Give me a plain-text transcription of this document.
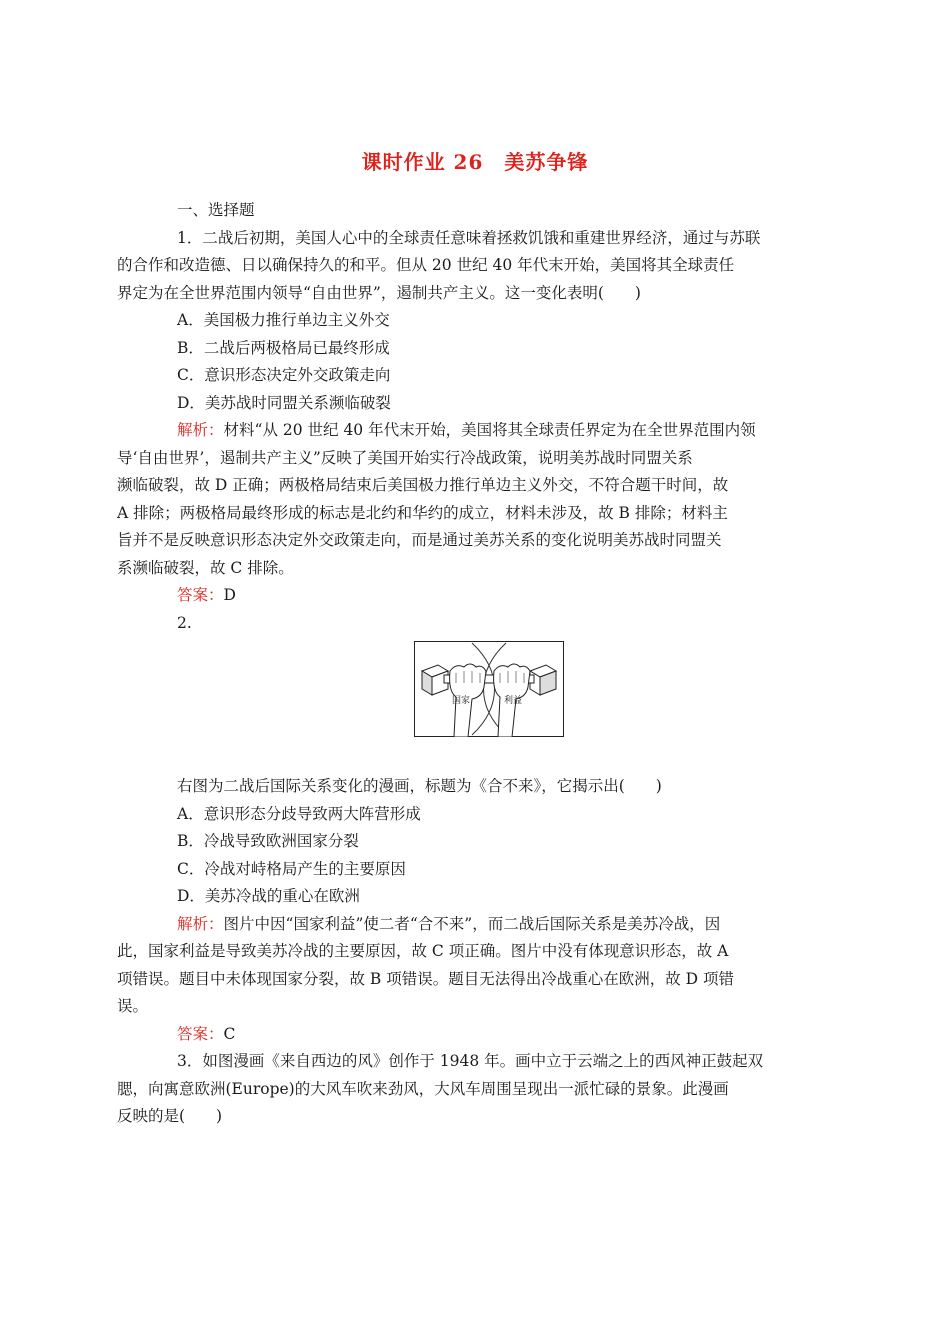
课时作业 26　美苏争锋
一、选择题
1．二战后初期，美国人心中的全球责任意味着拯救饥饿和重建世界经济，通过与苏联
的合作和改造德、日以确保持久的和平。但从 20 世纪 40 年代末开始，美国将其全球责任
界定为在全世界范围内领导“自由世界”，遏制共产主义。这一变化表明(　　)
A．美国极力推行单边主义外交
B．二战后两极格局已最终形成
C．意识形态决定外交政策走向
D．美苏战时同盟关系濒临破裂
解析：材料“从 20 世纪 40 年代末开始，美国将其全球责任界定为在全世界范围内领
导‘自由世界’，遏制共产主义”反映了美国开始实行冷战政策，说明美苏战时同盟关系
濒临破裂，故 D 正确；两极格局结束后美国极力推行单边主义外交，不符合题干时间，故
A 排除；两极格局最终形成的标志是北约和华约的成立，材料未涉及，故 B 排除；材料主
旨并不是反映意识形态决定外交政策走向，而是通过美苏关系的变化说明美苏战时同盟关
系濒临破裂，故 C 排除。
答案：D
2.
国家	利益
右图为二战后国际关系变化的漫画，标题为《合不来》，它揭示出(　　)
A．意识形态分歧导致两大阵营形成
B．冷战导致欧洲国家分裂
C．冷战对峙格局产生的主要原因
D．美苏冷战的重心在欧洲
解析：图片中因“国家利益”使二者“合不来”，而二战后国际关系是美苏冷战，因
此，国家利益是导致美苏冷战的主要原因，故 C 项正确。图片中没有体现意识形态，故 A
项错误。题目中未体现国家分裂，故 B 项错误。题目无法得出冷战重心在欧洲，故 D 项错
误。
答案：C
3．如图漫画《来自西边的风》创作于 1948 年。画中立于云端之上的西风神正鼓起双
腮，向寓意欧洲(Europe)的大风车吹来劲风，大风车周围呈现出一派忙碌的景象。此漫画
反映的是(　　)
